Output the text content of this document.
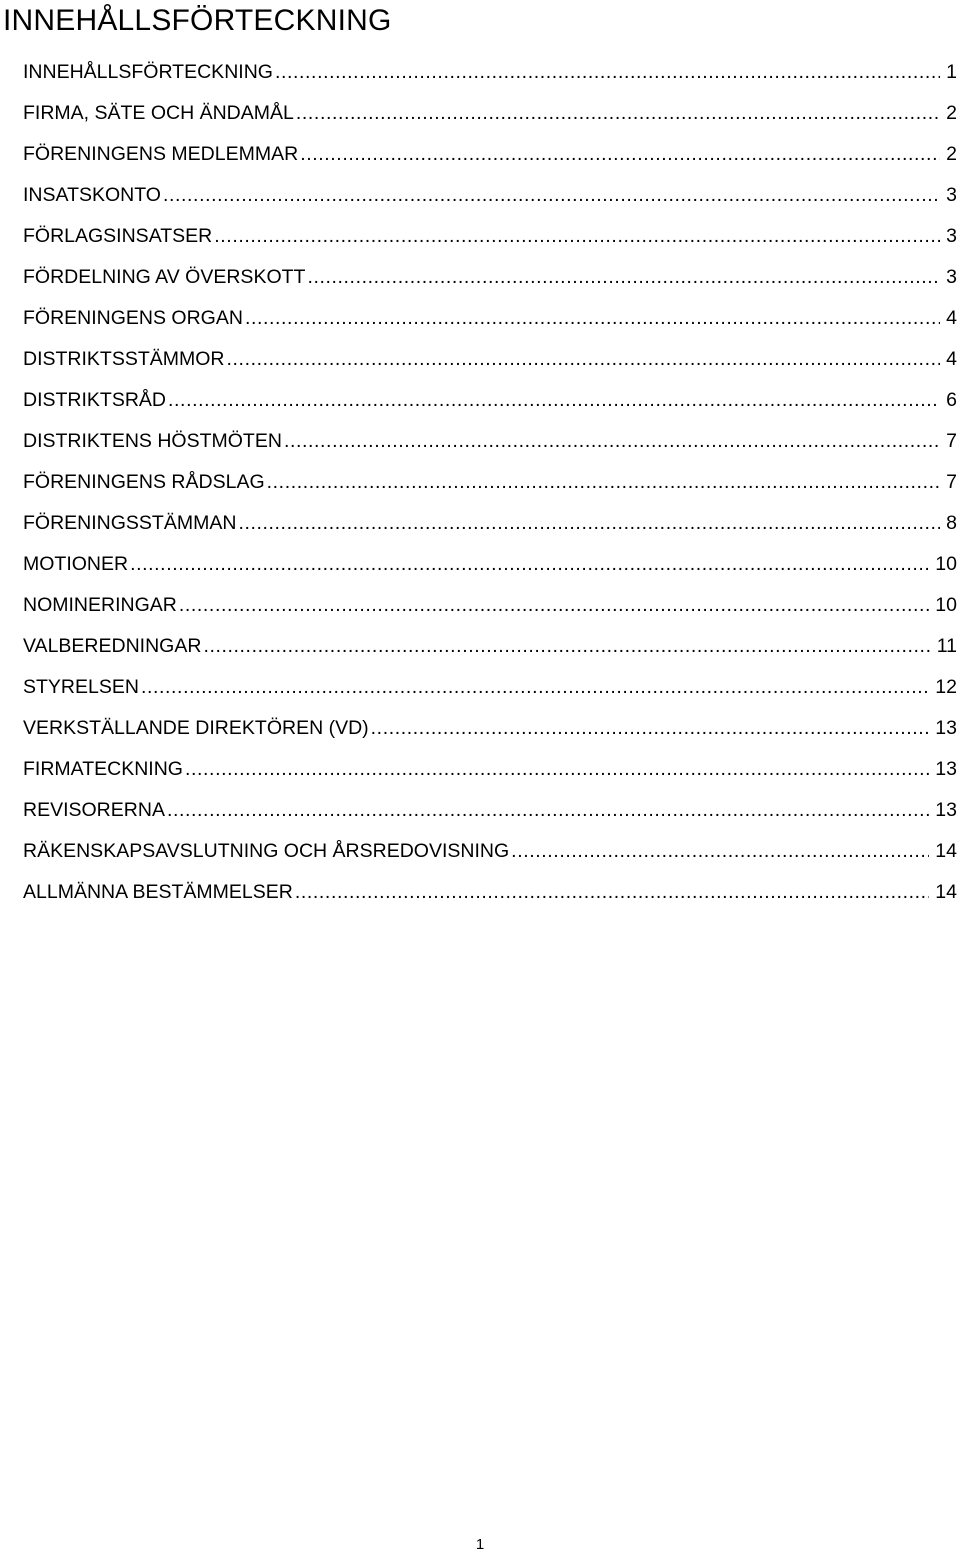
INNEHÅLLSFÖRTECKNING
INNEHÅLLSFÖRTECKNING .....	1
FIRMA, SÄTE OCH ÄNDAMÅL .....	2
FÖRENINGENS MEDLEMMAR .....	2
INSATSKONTO .....	3
FÖRLAGSINSATSER .....	3
FÖRDELNING AV ÖVERSKOTT .....	3
FÖRENINGENS ORGAN .....	4
DISTRIKTSSTÄMMOR .....	4
DISTRIKTSRÅD .....	6
DISTRIKTENS HÖSTMÖTEN .....	7
FÖRENINGENS RÅDSLAG .....	7
FÖRENINGSSTÄMMAN .....	8
MOTIONER .....	10
NOMINERINGAR .....	10
VALBEREDNINGAR .....	11
STYRELSEN .....	12
VERKSTÄLLANDE DIREKTÖREN (VD) .....	13
FIRMATECKNING .....	13
REVISORERNA .....	13
RÄKENSKAPSAVSLUTNING OCH ÅRSREDOVISNING .....	14
ALLMÄNNA BESTÄMMELSER .....	14
1
